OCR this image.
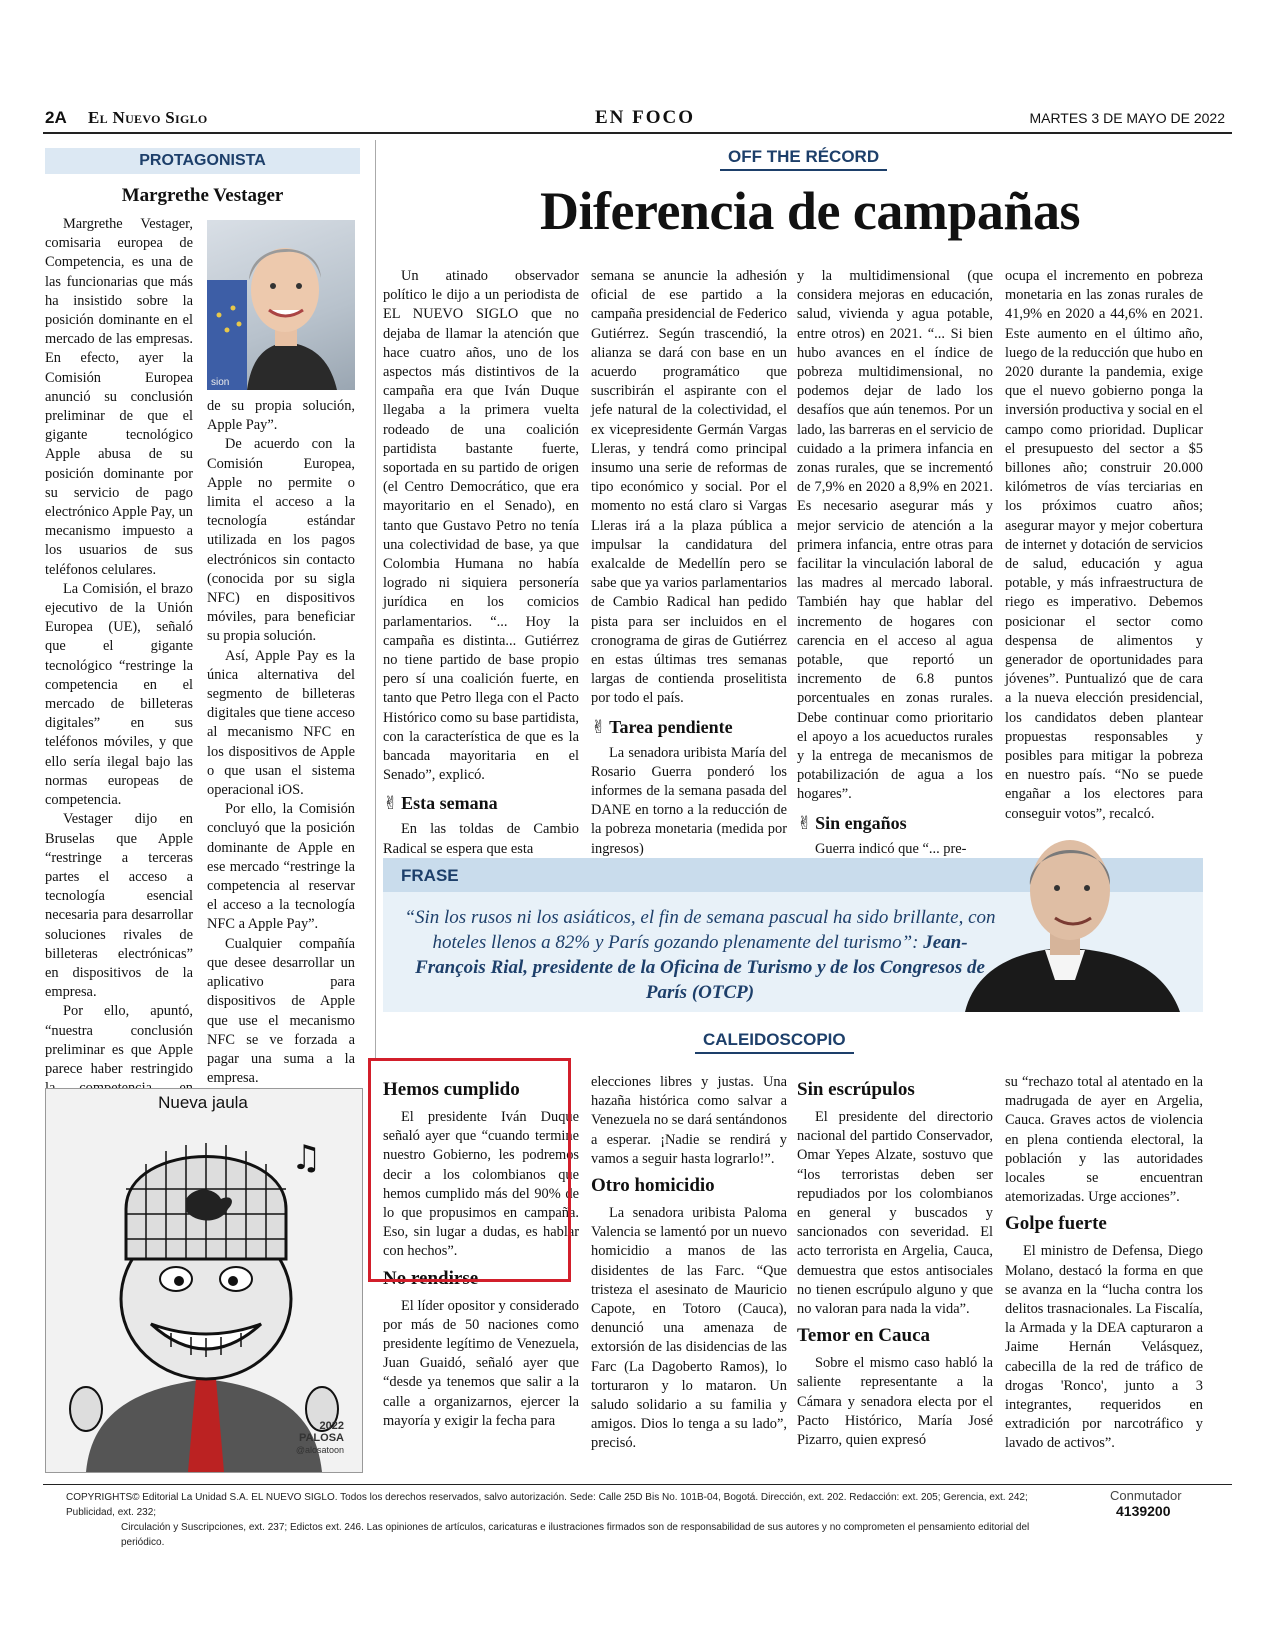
2A El Nuevo Siglo	EN FOCO	MARTES 3 DE MAYO DE 2022
PROTAGONISTA
Margrethe Vestager

Margrethe Vestager, comisaria europea de Competencia, es una de las funcionarias que más ha insistido sobre la posición dominante en el mercado de las empresas. En efecto, ayer la Comisión Europea anunció su conclusión preliminar de que el gigante tecnológico Apple abusa de su posición dominante por su servicio de pago electrónico Apple Pay, un mecanismo impuesto a los usuarios de sus teléfonos celulares.

La Comisión, el brazo ejecutivo de la Unión Europea (UE), señaló que el gigante tecnológico “restringe la competencia en el mercado de billeteras digitales” en sus teléfonos móviles, y que ello sería ilegal bajo las normas europeas de competencia.

Vestager dijo en Bruselas que Apple “restringe a terceras partes el acceso a tecnología esencial necesaria para desarrollar soluciones rivales de billeteras electrónicas” en dispositivos de la empresa.

Por ello, apuntó, “nuestra conclusión preliminar es que Apple parece haber restringido

sion

de su propia solución, Apple Pay”.

De acuerdo con la Comisión Europea, Apple no permite o limita el acceso a la tecnología estándar utilizada en los pagos electrónicos sin contacto (conocida por su sigla NFC) en dispositivos móviles, para beneficiar su propia solución.

Así, Apple Pay es la única alternativa del segmento de billeteras digitales que tiene acceso al mecanismo NFC en los dispositivos de Apple o que usan el sistema operacional iOS.

Por ello, la Comisión concluyó que la posición dominante de Apple en ese mercado “restringe la competencia al reservar el acceso a la tecnología NFC a Apple Pay”.

Cualquier compañía que desee desarrollar un aplicativo para dispositivos de Apple que use el mecanismo NFC se ve forzada a pagar una suma a la empresa.

♫
2022
PALOSA
@alosatoon
Nueva jaula
OFF THE RÉCORD
Diferencia de campañas

Un atinado observador político le dijo a un periodista de EL NUEVO SIGLO que no dejaba de llamar la atención que hace cuatro años, uno de los aspectos más distintivos de la campaña era que Iván Duque llegaba a la primera vuelta rodeado de una coalición partidista bastante fuerte, soportada en su partido de origen (el Centro Democrático, que era mayoritario en el Senado), en tanto que Gustavo Petro no tenía una colectividad de base, ya que Colombia Humana no había logrado ni siquiera personería jurídica en los comicios parlamentarios. “... Hoy la campaña es distinta... Gutiérrez no tiene partido de base propio pero sí una coalición fuerte, en tanto que Petro llega con el Pacto Histórico como su base partidista, con la característica de que es la bancada mayoritaria en el Senado”, explicó.

✌ Esta semana

En las toldas de Cambio Radical se espera que esta

semana se anuncie la adhesión oficial de ese partido a la campaña presidencial de Federico Gutiérrez. Según trascendió, la alianza se dará con base en un acuerdo programático que suscribirán el aspirante con el jefe natural de la colectividad, el ex vicepresidente Germán Vargas Lleras, y tendrá como principal insumo una serie de reformas de tipo económico y social. Por el momento no está claro si Vargas Lleras irá a la plaza pública a impulsar la candidatura del exalcalde de Medellín pero se sabe que ya varios parlamentarios de Cambio Radical han pedido pista para ser incluidos en el cronograma de giras de Gutiérrez en estas últimas tres semanas largas de contienda proselitista por todo el país.

✌ Tarea pendiente

La senadora uribista María del Rosario Guerra ponderó los informes de la semana pasada del DANE en torno a la reducción de la pobreza monetaria (medida por ingresos)

y la multidimensional (que considera mejoras en educación, salud, vivienda y agua potable, entre otros) en 2021. “... Si bien hubo avances en el índice de pobreza multidimensional, no podemos dejar de lado los desafíos que aún tenemos. Por un lado, las barreras en el servicio de cuidado a la primera infancia en zonas rurales, que se incrementó de 7,9% en 2020 a 8,9% en 2021. Es necesario asegurar más y mejor servicio de atención a la primera infancia, entre otras para facilitar la vinculación laboral de las madres al mercado laboral. También hay que hablar del incremento de hogares con carencia en el acceso al agua potable, que reportó un incremento de 6.8 puntos porcentuales en zonas rurales. Debe continuar como prioritario el apoyo a los acueductos rurales y la entrega de mecanismos de potabilización de agua a los hogares”.

✌ Sin engaños

Guerra indicó que “... pre-

ocupa el incremento en pobreza monetaria en las zonas rurales de 41,9% en 2020 a 44,6% en 2021. Este aumento en el último año, luego de la reducción que hubo en 2020 durante la pandemia, exige que el nuevo gobierno ponga la inversión productiva y social en el campo como prioridad. Duplicar el presupuesto del sector a $5 billones año; construir 20.000 kilómetros de vías terciarias en los próximos cuatro años; asegurar mayor y mejor cobertura de internet y dotación de servicios de salud, educación y agua potable, y más infraestructura de riego es imperativo. Debemos posicionar el sector como despensa de alimentos y generador de oportunidades para jóvenes”. Puntualizó que de cara a la nueva elección presidencial, los candidatos deben plantear propuestas responsables y posibles para mitigar la pobreza en nuestro país. “No se puede engañar a los electores para conseguir votos”, recalcó.

FRASE
“Sin los rusos ni los asiáticos, el fin de semana pascual ha sido brillante, con hoteles llenos a 82% y París gozando plenamente del turismo”: Jean-François Rial, presidente de la Oficina de Turismo y de los Congresos de París (OTCP)
CALEIDOSCOPIO
Hemos cumplido

El presidente Iván Duque señaló ayer que “cuando termine nuestro Gobierno, les podremos decir a los colombianos que hemos cumplido más del 90% de lo que propusimos en campaña. Eso, sin lugar a dudas, es hablar con hechos”.

No rendirse

El líder opositor y considerado por más de 50 naciones como presidente legítimo de Venezuela, Juan Guaidó, señaló ayer que “desde ya tenemos que salir a la calle a organizarnos, ejercer la mayoría y exigir la fecha para

elecciones libres y justas. Una hazaña histórica como salvar a Venezuela no se dará sentándonos a esperar. ¡Nadie se rendirá y vamos a seguir hasta lograrlo!”.

Otro homicidio

La senadora uribista Paloma Valencia se lamentó por un nuevo homicidio a manos de las disidentes de las Farc. “Que tristeza el asesinato de Mauricio Capote, en Totoro (Cauca), denunció una amenaza de extorsión de las disidencias de las Farc (La Dagoberto Ramos), lo torturaron y lo mataron. Un saludo solidario a su familia y amigos. Dios lo tenga a su lado”, precisó.

Sin escrúpulos

El presidente del directorio nacional del partido Conservador, Omar Yepes Alzate, sostuvo que “los terroristas deben ser repudiados por los colombianos en general y buscados y sancionados con severidad. El acto terrorista en Argelia, Cauca, demuestra que estos antisociales no tienen escrúpulo alguno y que no valoran para nada la vida”.

Temor en Cauca

Sobre el mismo caso habló la saliente representante a la Cámara y senadora electa por el Pacto Histórico, María José Pizarro, quien expresó

su “rechazo total al atentado en la madrugada de ayer en Argelia, Cauca. Graves actos de violencia en plena contienda electoral, la población y las autoridades locales se encuentran atemorizadas. Urge acciones”.

Golpe fuerte

El ministro de Defensa, Diego Molano, destacó la forma en que se avanza en la “lucha contra los delitos trasnacionales. La Fiscalía, la Armada y la DEA capturaron a Jaime Hernán Velásquez, cabecilla de la red de tráfico de drogas 'Ronco', junto a 3 integrantes, requeridos en extradición por narcotráfico y lavado de activos”.

COPYRIGHTS© Editorial La Unidad S.A. EL NUEVO SIGLO. Todos los derechos reservados, salvo autorización. Sede: Calle 25D Bis No. 101B-04, Bogotá. Dirección, ext. 202. Redacción: ext. 205; Gerencia, ext. 242; Publicidad, ext. 232;
Circulación y Suscripciones, ext. 237; Edictos ext. 246. Las opiniones de artículos, caricaturas e ilustraciones firmados son de responsabilidad de sus autores y no comprometen el pensamiento editorial del periódico.
Conmutador
4139200
